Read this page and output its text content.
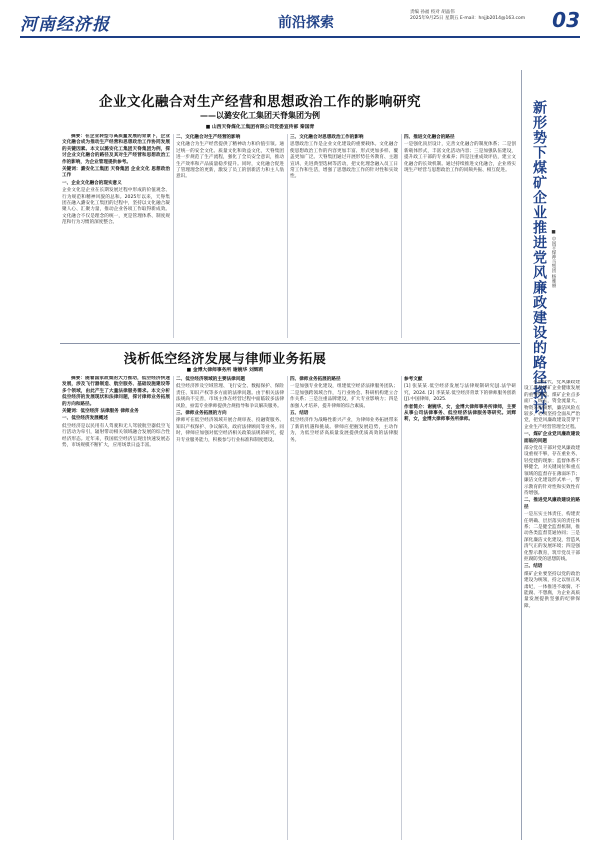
河南经济报	前沿探索
责编 孙福 校对 胡晶伟
2025年9月25日 星期五 E-mail：hnjjb2014@163.com 03
企业文化融合对生产经营和思想政治工作的影响研究
——以潞安化工集团天脊集团为例
■ 山西天脊煤化工集团有限公司党委宣传部 秦国青
摘要：在企业转型与高质量发展的背景下，企业文化融合成为推动生产经营和思想政治工作协同发展的关键因素。本文以潞安化工集团天脊集团为例，探讨企业文化融合的路径及其对生产经营和思想政治工作的影响，为企业管理提供参考。
关键词：潞安化工集团 天脊集团 企业文化 思想政治工作
一、企业文化融合的现实意义
企业文化是企业在长期发展过程中形成的价值观念、行为规范和精神风貌的总和。2025年以来，天脊集团在融入潞安化工集团的过程中，坚持以文化融合凝聚人心、汇聚力量，推动企业各项工作取得新成效。文化融合不仅是理念的统一，更是管理体系、制度规范和行为习惯的深度整合。
二、文化融合对生产经营的影响
文化融合为生产经营提供了精神动力和价值引领。通过统一的安全文化、质量文化和效益文化，天脊集团进一步规范了生产流程，强化了全员安全意识，推动生产效率和产品质量稳步提升。同时，文化融合促进了管理理念的更新，激发了员工的创新活力和主人翁意识。
三、文化融合对思想政治工作的影响
思想政治工作是企业文化建设的重要载体。文化融合使思想政治工作的内容更加丰富、形式更加多样、覆盖更加广泛。天脊集团通过开展形势任务教育、主题宣讲、先进典型选树等活动，把文化理念融入员工日常工作和生活，增强了思想政治工作的针对性和实效性。
四、推进文化融合的路径
一是强化顶层设计，完善文化融合的制度体系；二是创新载体形式，丰富文化活动内容；三是加强队伍建设，提升政工干部的专业素养；四是注重成效评估，建立文化融合的长效机制。通过持续推进文化融合，企业将实现生产经营与思想政治工作的同频共振、相互促进。	新形势下煤矿企业推进党风廉政建设的路径探讨 ■ 中国平煤神马集团 杨雅丽
在新时代，党风廉政建设工作是煤矿企业健康发展的重要保障。煤矿企业点多面广、线长，资金流量大，物资采购频繁，廉洁风险点较多，必须坚持全面从严治党，把党风廉政建设贯穿于企业生产经营管理全过程。
一、煤矿企业党风廉政建设面临的问题
部分党员干部对党风廉政建设重视不够，存在重业务、轻党建的现象；监督体系不够健全，对关键岗位和重点领域的监督存在薄弱环节；廉洁文化建设形式单一，警示教育的针对性和实效性有待增强。
二、推进党风廉政建设的路径
一是压实主体责任，构建责任明确、层层落实的责任体系；二是健全监督机制，推动各类监督贯通协同；三是深化廉洁文化建设，营造风清气正的发展环境；四是强化警示教育，筑牢党员干部拒腐防变的思想防线。
三、结语
煤矿企业要坚持以党的政治建设为统领，持之以恒正风肃纪，一体推进不敢腐、不能腐、不想腐，为企业高质量发展提供坚强的纪律保障。
浅析低空经济发展与律师业务拓展
■ 金博大律师事务所 谢婉华 刘辉莉
摘要：随着国家政策的大力推动，低空经济快速发展，涉及飞行器制造、航空服务、基础设施建设等多个领域，由此产生了大量法律服务需求。本文分析低空经济的发展现状和法律问题，探讨律师业务拓展的方向和路径。
关键词：低空经济 法律服务 律师业务
一、低空经济发展概述
低空经济是以民用有人驾驶和无人驾驶航空器低空飞行活动为牵引，辐射带动相关领域融合发展的综合性经济形态。近年来，我国低空经济呈现出快速发展态势，市场规模不断扩大，应用场景日益丰富。
二、低空经济领域的主要法律问题
低空经济涉及空域管理、飞行安全、数据保护、保险责任、知识产权等多方面的法律问题。由于相关法律法规尚不完善，市场主体在经营过程中面临较多法律风险，亟需专业律师提供合规指导和争议解决服务。
三、律师业务拓展的方向
律师可在低空经济领域开展合规审查、投融资服务、知识产权保护、争议解决、政府法律顾问等业务。同时，律师应加强对低空经济相关政策法规的研究，提升专业服务能力，积极参与行业标准和制度建设。
四、律师业务拓展的路径
一是加强专业化建设，组建低空经济法律服务团队；二是加强跨领域合作，与行业协会、科研机构建立合作关系；三是注重品牌建设，扩大专业影响力；四是加强人才培养，提升律师的综合素质。
五、结语
低空经济作为战略性新兴产业，为律师业务拓展带来了新的机遇和挑战。律师应把握发展趋势，主动作为，为低空经济高质量发展提供优质高效的法律服务。
参考文献
[1] 张某某.低空经济发展与法律规制研究[J].法学研究，2024. [2] 李某某.低空经济背景下的律师服务创新[J].中国律师，2025.
作者简介：谢婉华，女，金博大律师事务所律师，主要从事公司法律事务、低空经济法律服务等研究。刘辉莉，女，金博大律师事务所律师。
